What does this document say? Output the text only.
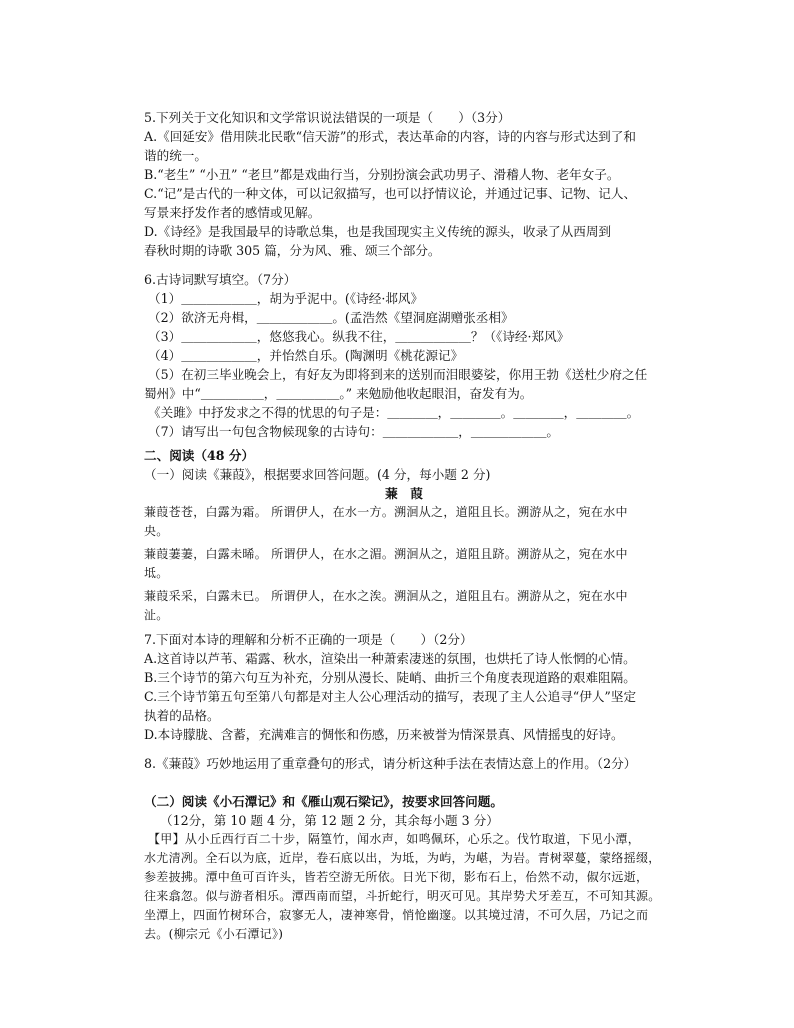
5.下列关于文化知识和文学常识说法错误的一项是（　　）（3分）
A.《回延安》借用陕北民歌“信天游”的形式，表达革命的内容，诗的内容与形式达到了和
谐的统一。
B.“老生” “小丑” “老旦”都是戏曲行当，分别扮演会武功男子、滑稽人物、老年女子。
C.“记”是古代的一种文体，可以记叙描写，也可以抒情议论，并通过记事、记物、记人、
写景来抒发作者的感情或见解。
D.《诗经》是我国最早的诗歌总集，也是我国现实主义传统的源头，收录了从西周到
春秋时期的诗歌 305 篇，分为风、雅、颂三个部分。
6.古诗词默写填空。（7分）
（1）＿＿＿＿＿＿，胡为乎泥中。(《诗经·邶风》
（2）欲济无舟楫，＿＿＿＿＿＿。(孟浩然《望洞庭湖赠张丞相》
（3）＿＿＿＿＿＿，悠悠我心。纵我不往，＿＿＿＿＿＿？（《诗经·郑风》
（4）＿＿＿＿＿＿，并怡然自乐。(陶渊明《桃花源记》
（5）在初三毕业晚会上，有好友为即将到来的送别而泪眼婆娑，你用王勃《送杜少府之任
蜀州》中“＿＿＿＿＿，＿＿＿＿＿。” 来勉励他收起眼泪，奋发有为。
《关雎》中抒发求之不得的忧思的句子是：＿＿＿＿，＿＿＿＿。＿＿＿＿，＿＿＿＿。
（7）请写出一句包含物候现象的古诗句：＿＿＿＿＿＿，＿＿＿＿＿＿。
二、阅读（48 分）
（一）阅读《蒹葭》，根据要求回答问题。(4 分，每小题 2 分)
蒹　葭
蒹葭苍苍，白露为霜。 所谓伊人，在水一方。溯洄从之，道阻且长。溯游从之，宛在水中
央。
蒹葭萋萋，白露未晞。 所谓伊人，在水之湄。溯洄从之，道阻且跻。溯游从之，宛在水中
坻。
蒹葭采采，白露未已。 所谓伊人，在水之涘。溯洄从之，道阻且右。溯游从之，宛在水中
沚。
7.下面对本诗的理解和分析不正确的一项是（　　）（2分）
A.这首诗以芦苇、霜露、秋水，渲染出一种萧索凄迷的氛围，也烘托了诗人怅惘的心情。
B.三个诗节的第六句互为补充，分别从漫长、陡峭、曲折三个角度表现道路的艰难阻隔。
C.三个诗节第五句至第八句都是对主人公心理活动的描写，表现了主人公追寻“伊人”坚定
执着的品格。
D.本诗朦胧、含蓄，充满难言的惆怅和伤感，历来被誉为情深景真、风情摇曳的好诗。
8.《蒹葭》巧妙地运用了重章叠句的形式，请分析这种手法在表情达意上的作用。（2分）
（二）阅读《小石潭记》和《雁山观石梁记》，按要求回答问题。
（12分，第 10 题 4 分，第 12 题 2 分，其余每小题 3 分）
【甲】从小丘西行百二十步，隔篁竹，闻水声，如鸣佩环，心乐之。伐竹取道，下见小潭，
水尤清冽。全石以为底，近岸，卷石底以出，为坻，为屿，为嵁，为岩。青树翠蔓，蒙络摇缀，
参差披拂。潭中鱼可百许头，皆若空游无所依。日光下彻，影布石上，佁然不动，俶尔远逝，
往来翕忽。似与游者相乐。潭西南而望，斗折蛇行，明灭可见。其岸势犬牙差互，不可知其源。
坐潭上，四面竹树环合，寂寥无人，凄神寒骨，悄怆幽邃。以其境过清，不可久居，乃记之而
去。(柳宗元《小石潭记》)
